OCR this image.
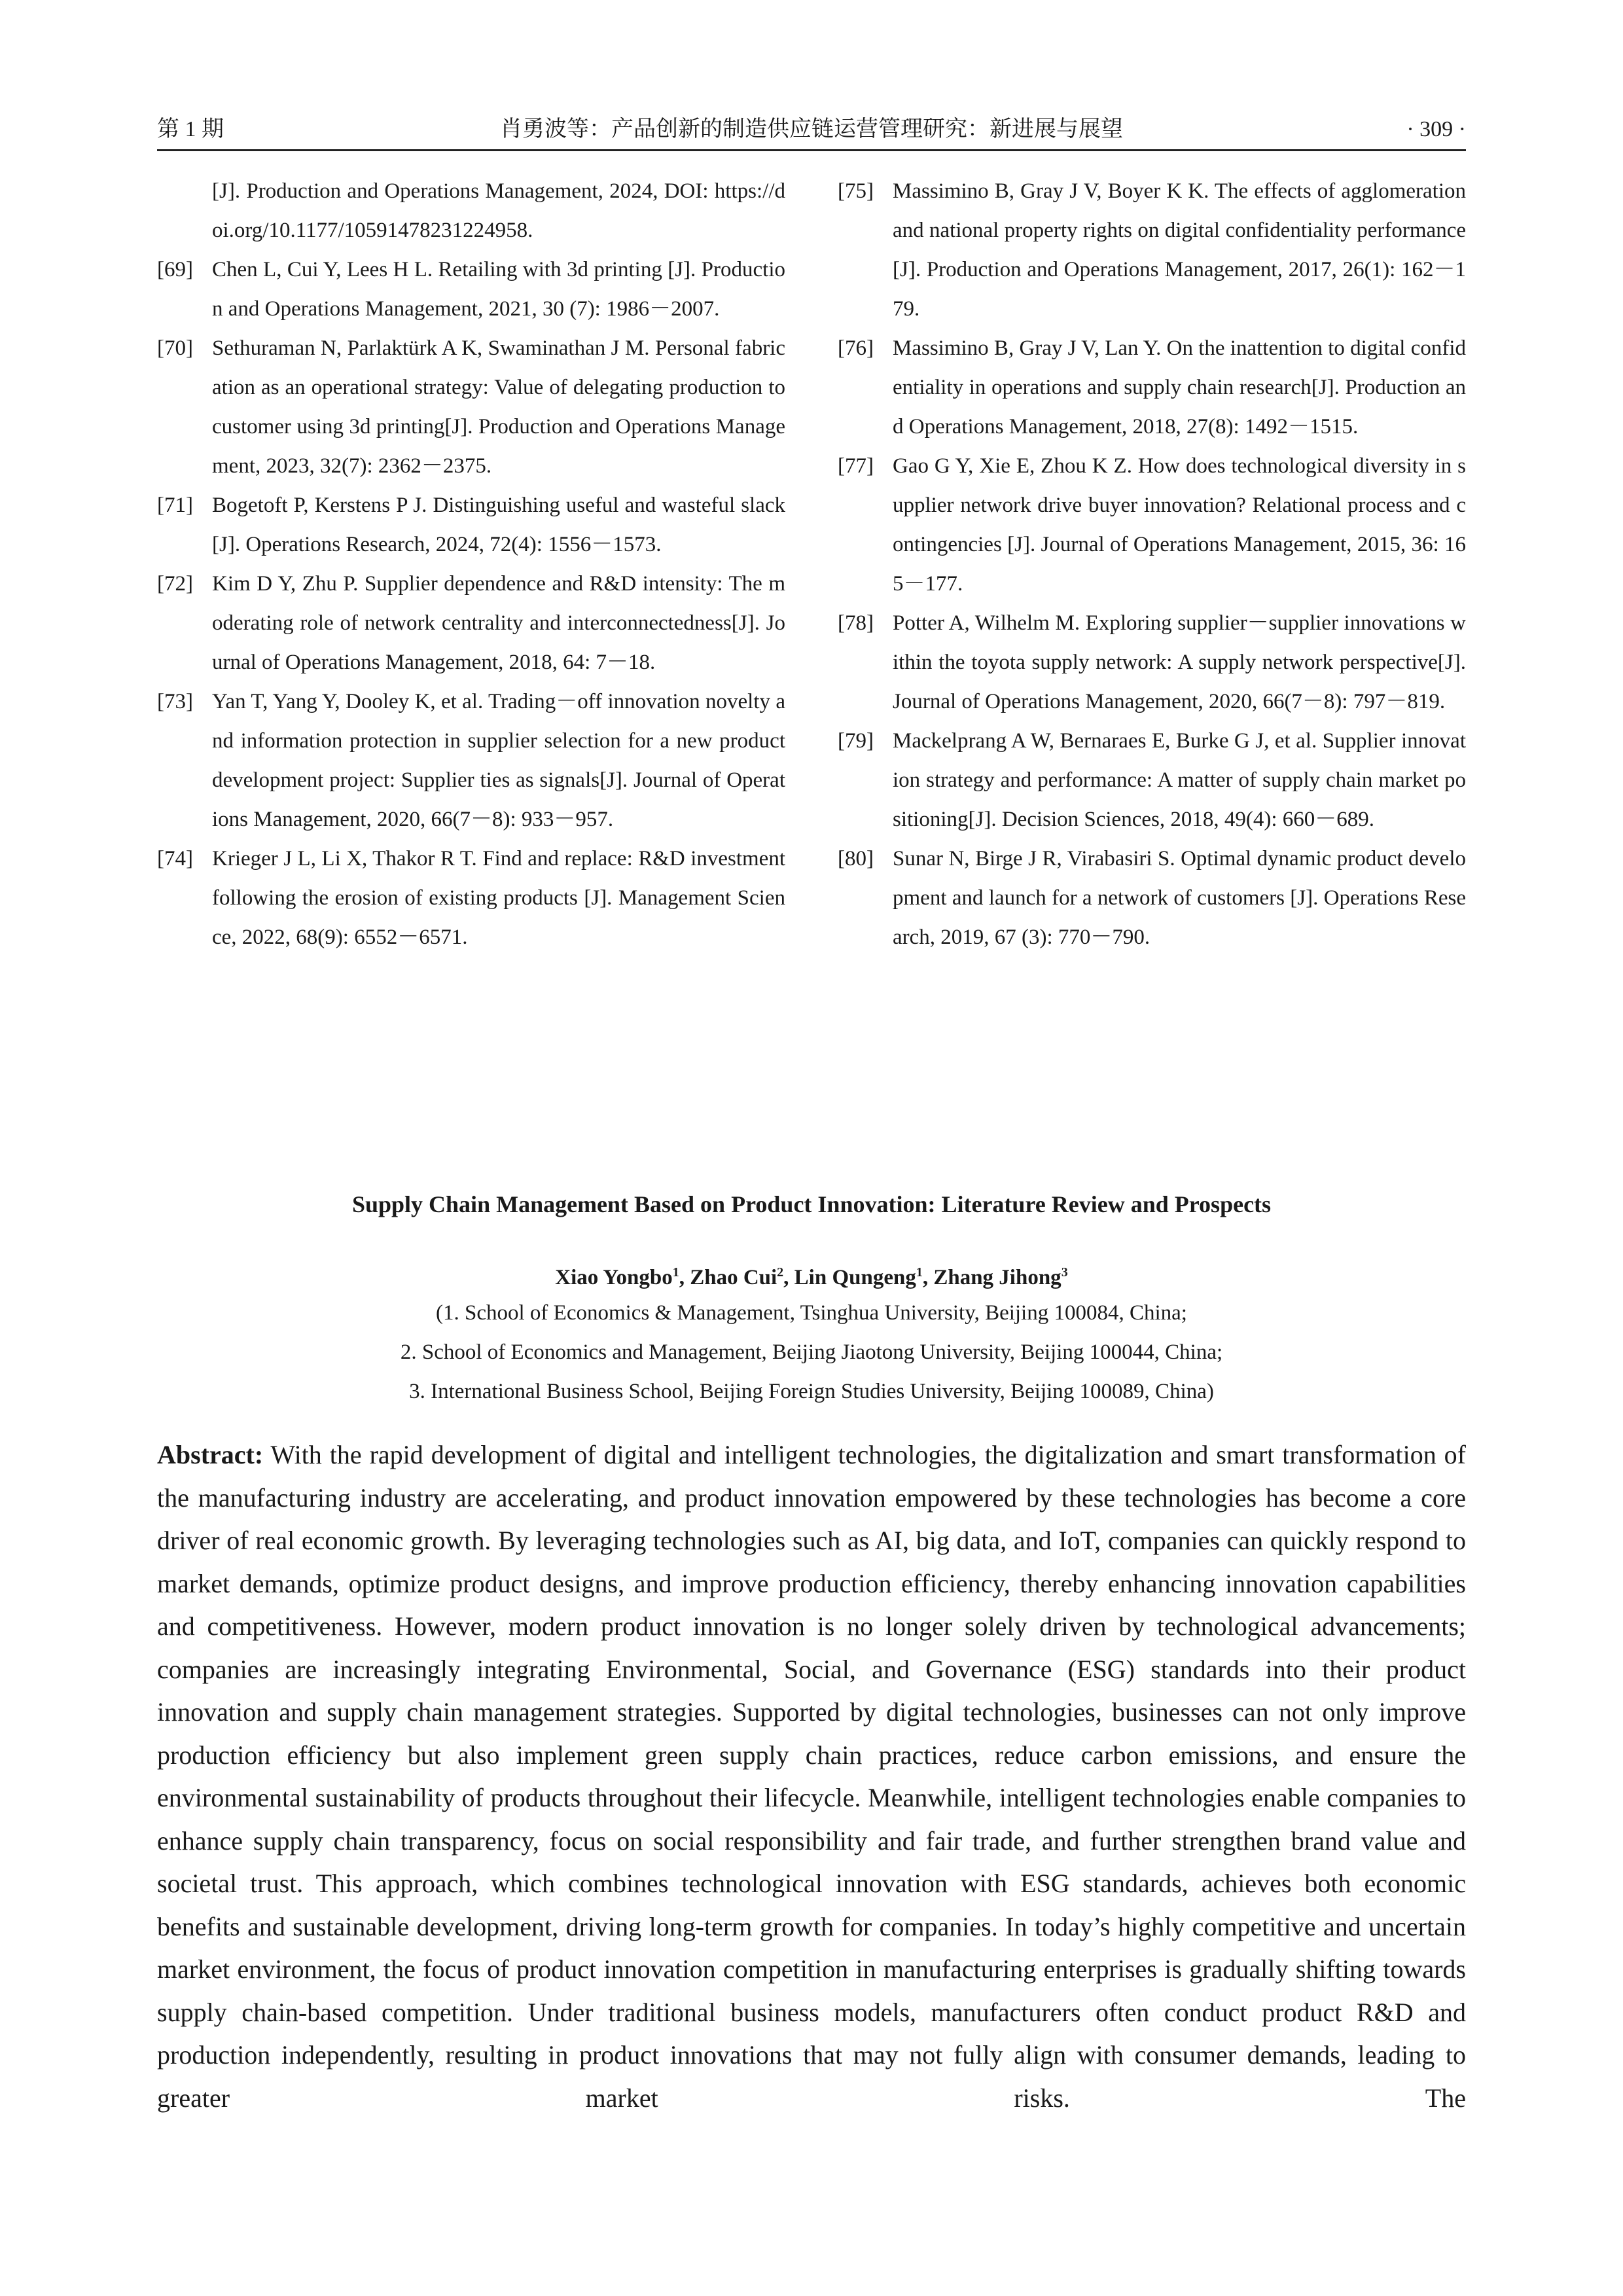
第 1 期	肖勇波等：产品创新的制造供应链运营管理研究：新进展与展望	· 309 ·
[J]. Production and Operations Management, 2024, DOI: https://doi.org/10.1177/10591478231224958.
[69] Chen L, Cui Y, Lees H L. Retailing with 3d printing [J]. Production and Operations Management, 2021, 30 (7): 1986－2007.
[70] Sethuraman N, Parlaktürk A K, Swaminathan J M. Personal fabrication as an operational strategy: Value of delegating production to customer using 3d printing[J]. Production and Operations Management, 2023, 32(7): 2362－2375.
[71] Bogetoft P, Kerstens P J. Distinguishing useful and wasteful slack[J]. Operations Research, 2024, 72(4): 1556－1573.
[72] Kim D Y, Zhu P. Supplier dependence and R&D intensity: The moderating role of network centrality and interconnectedness[J]. Journal of Operations Management, 2018, 64: 7－18.
[73] Yan T, Yang Y, Dooley K, et al. Trading－off innovation novelty and information protection in supplier selection for a new product development project: Supplier ties as signals[J]. Journal of Operations Management, 2020, 66(7－8): 933－957.
[74] Krieger J L, Li X, Thakor R T. Find and replace: R&D investment following the erosion of existing products [J]. Management Science, 2022, 68(9): 6552－6571.
[75] Massimino B, Gray J V, Boyer K K. The effects of agglomeration and national property rights on digital confidentiality performance[J]. Production and Operations Management, 2017, 26(1): 162－179.
[76] Massimino B, Gray J V, Lan Y. On the inattention to digital confidentiality in operations and supply chain research[J]. Production and Operations Management, 2018, 27(8): 1492－1515.
[77] Gao G Y, Xie E, Zhou K Z. How does technological diversity in supplier network drive buyer innovation? Relational process and contingencies [J]. Journal of Operations Management, 2015, 36: 165－177.
[78] Potter A, Wilhelm M. Exploring supplier－supplier innovations within the toyota supply network: A supply network perspective[J]. Journal of Operations Management, 2020, 66(7－8): 797－819.
[79] Mackelprang A W, Bernaraes E, Burke G J, et al. Supplier innovation strategy and performance: A matter of supply chain market positioning[J]. Decision Sciences, 2018, 49(4): 660－689.
[80] Sunar N, Birge J R, Virabasiri S. Optimal dynamic product development and launch for a network of customers [J]. Operations Research, 2019, 67 (3): 770－790.
Supply Chain Management Based on Product Innovation: Literature Review and Prospects
Xiao Yongbo$^1$, Zhao Cui$^2$, Lin Qungeng$^1$, Zhang Jihong$^3$
(1. School of Economics & Management, Tsinghua University, Beijing 100084, China;
2. School of Economics and Management, Beijing Jiaotong University, Beijing 100044, China;
3. International Business School, Beijing Foreign Studies University, Beijing 100089, China)
Abstract: With the rapid development of digital and intelligent technologies, the digitalization and smart transformation of the manufacturing industry are accelerating, and product innovation empowered by these technologies has become a core driver of real economic growth. By leveraging technologies such as AI, big data, and IoT, companies can quickly respond to market demands, optimize product designs, and improve production efficiency, thereby enhancing innovation capabilities and competitiveness. However, modern product innovation is no longer solely driven by technological advancements; companies are increasingly integrating Environmental, Social, and Governance (ESG) standards into their product innovation and supply chain management strategies. Supported by digital technologies, businesses can not only improve production efficiency but also implement green supply chain practices, reduce carbon emissions, and ensure the environmental sustainability of products throughout their lifecycle. Meanwhile, intelligent technologies enable companies to enhance supply chain transparency, focus on social responsibility and fair trade, and further strengthen brand value and societal trust. This approach, which combines technological innovation with ESG standards, achieves both economic benefits and sustainable development, driving long-term growth for companies. In today’s highly competitive and uncertain market environment, the focus of product innovation competition in manufacturing enterprises is gradually shifting towards supply chain-based competition. Under traditional business models, manufacturers often conduct product R&D and production independently, resulting in product innovations that may not fully align with consumer demands, leading to greater market risks. The
